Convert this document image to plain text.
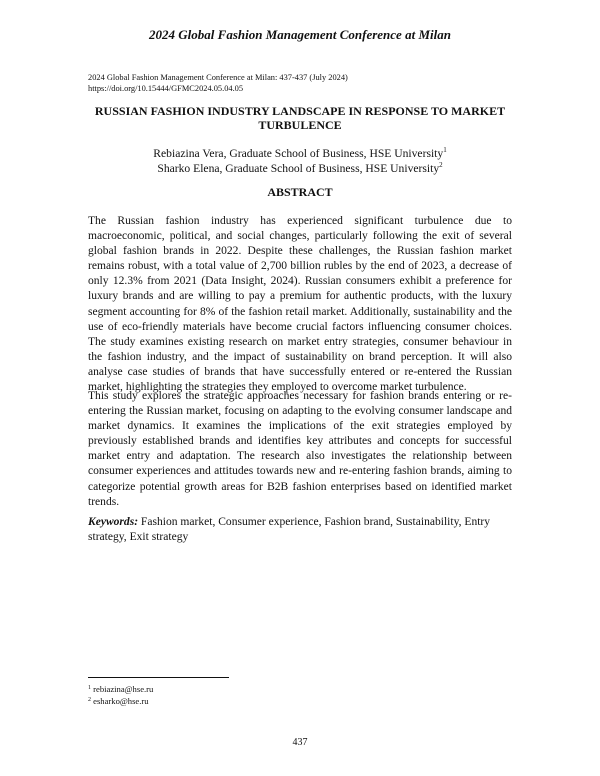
2024 Global Fashion Management Conference at Milan
2024 Global Fashion Management Conference at Milan: 437-437 (July 2024)
https://doi.org/10.15444/GFMC2024.05.04.05
RUSSIAN FASHION INDUSTRY LANDSCAPE IN RESPONSE TO MARKET TURBULENCE
Rebiazina Vera, Graduate School of Business, HSE University$^1$
Sharko Elena, Graduate School of Business, HSE University$^2$
ABSTRACT

The Russian fashion industry has experienced significant turbulence due to macroeconomic, political, and social changes, particularly following the exit of several global fashion brands in 2022. Despite these challenges, the Russian fashion market remains robust, with a total value of 2,700 billion rubles by the end of 2023, a decrease of only 12.3% from 2021 (Data Insight, 2024). Russian consumers exhibit a preference for luxury brands and are willing to pay a premium for authentic products, with the luxury segment accounting for 8% of the fashion retail market. Additionally, sustainability and the use of eco-friendly materials have become crucial factors influencing consumer choices. The study examines existing research on market entry strategies, consumer behaviour in the fashion industry, and the impact of sustainability on brand perception. It will also analyse case studies of brands that have successfully entered or re-entered the Russian market, highlighting the strategies they employed to overcome market turbulence.

This study explores the strategic approaches necessary for fashion brands entering or re-entering the Russian market, focusing on adapting to the evolving consumer landscape and market dynamics. It examines the implications of the exit strategies employed by previously established brands and identifies key attributes and concepts for successful market entry and adaptation. The research also investigates the relationship between consumer experiences and attitudes towards new and re-entering fashion brands, aiming to categorize potential growth areas for B2B fashion enterprises based on identified market trends.

Keywords: Fashion market, Consumer experience, Fashion brand, Sustainability, Entry strategy, Exit strategy
$^1$ rebiazina@hse.ru
$^2$ esharko@hse.ru
437
